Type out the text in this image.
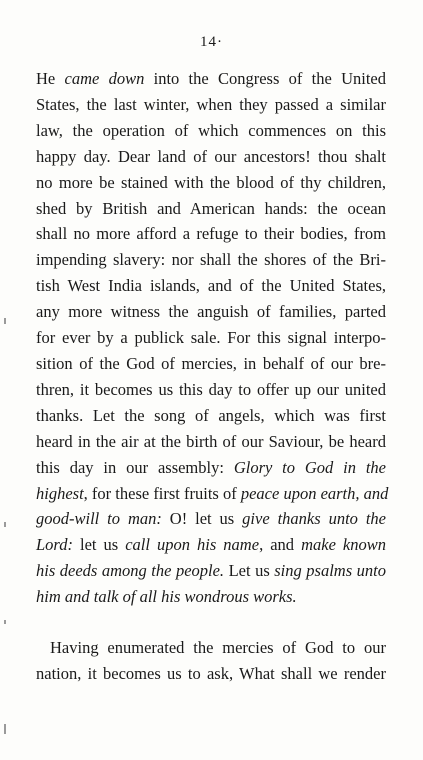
14·
He came down into the Congress of the United
States, the last winter, when they passed a similar
law, the operation of which commences on this
happy day. Dear land of our ancestors! thou shalt
no more be stained with the blood of thy children,
shed by British and American hands: the ocean
shall no more afford a refuge to their bodies, from
impending slavery: nor shall the shores of the Bri-
tish West India islands, and of the United States,
any more witness the anguish of families, parted
for ever by a publick sale. For this signal interpo-
sition of the God of mercies, in behalf of our bre-
thren, it becomes us this day to offer up our united
thanks. Let the song of angels, which was first
heard in the air at the birth of our Saviour, be heard
this day in our assembly: Glory to God in the
highest, for these first fruits of peace upon earth, and
good-will to man: O! let us give thanks unto the
Lord: let us call upon his name, and make known
his deeds among the people. Let us sing psalms unto
him and talk of all his wondrous works.
Having enumerated the mercies of God to our
nation, it becomes us to ask, What shall we render
